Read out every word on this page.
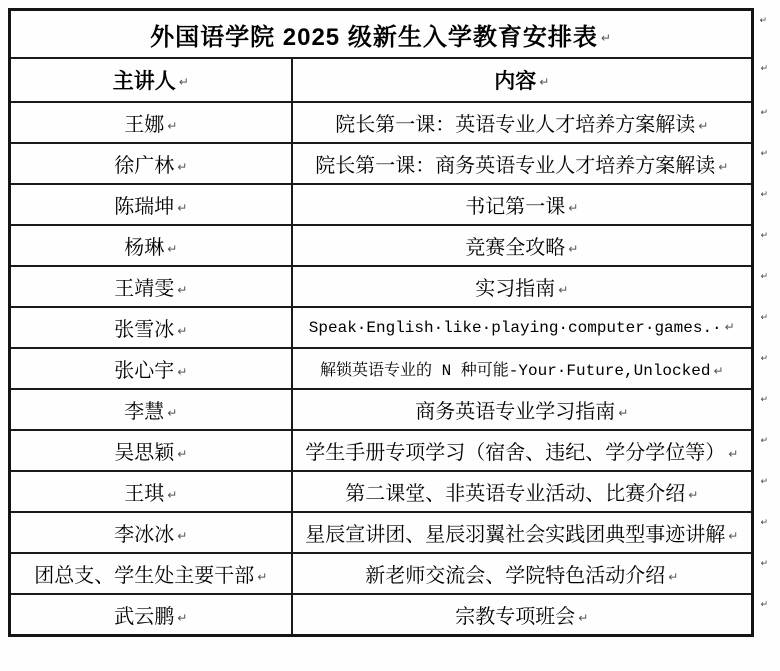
外国语学院 2025 级新生入学教育安排表 ↵
↵	

主讲人 ↵	内容 ↵
↵

王娜 ↵	院长第一课：英语专业人才培养方案解读 ↵
↵

徐广林 ↵	院长第一课：商务英语专业人才培养方案解读 ↵
↵

陈瑞坤 ↵	书记第一课 ↵
↵

杨琳 ↵	竞赛全攻略 ↵
↵

王靖雯 ↵	实习指南 ↵
↵

张雪冰 ↵	Speak·English·like·playing·computer·games.· ↵
↵

张心宇 ↵	解锁英语专业的 N 种可能-Your·Future,Unlocked ↵
↵

李慧 ↵	商务英语专业学习指南 ↵
↵

吴思颖 ↵	学生手册专项学习（宿舍、违纪、学分学位等） ↵
↵

王琪 ↵	第二课堂、非英语专业活动、比赛介绍 ↵
↵

李冰冰 ↵	星辰宣讲团、星辰羽翼社会实践团典型事迹讲解 ↵
↵

团总支、学生处主要干部 ↵	新老师交流会、学院特色活动介绍 ↵
↵

武云鹏 ↵	宗教专项班会 ↵
↵
